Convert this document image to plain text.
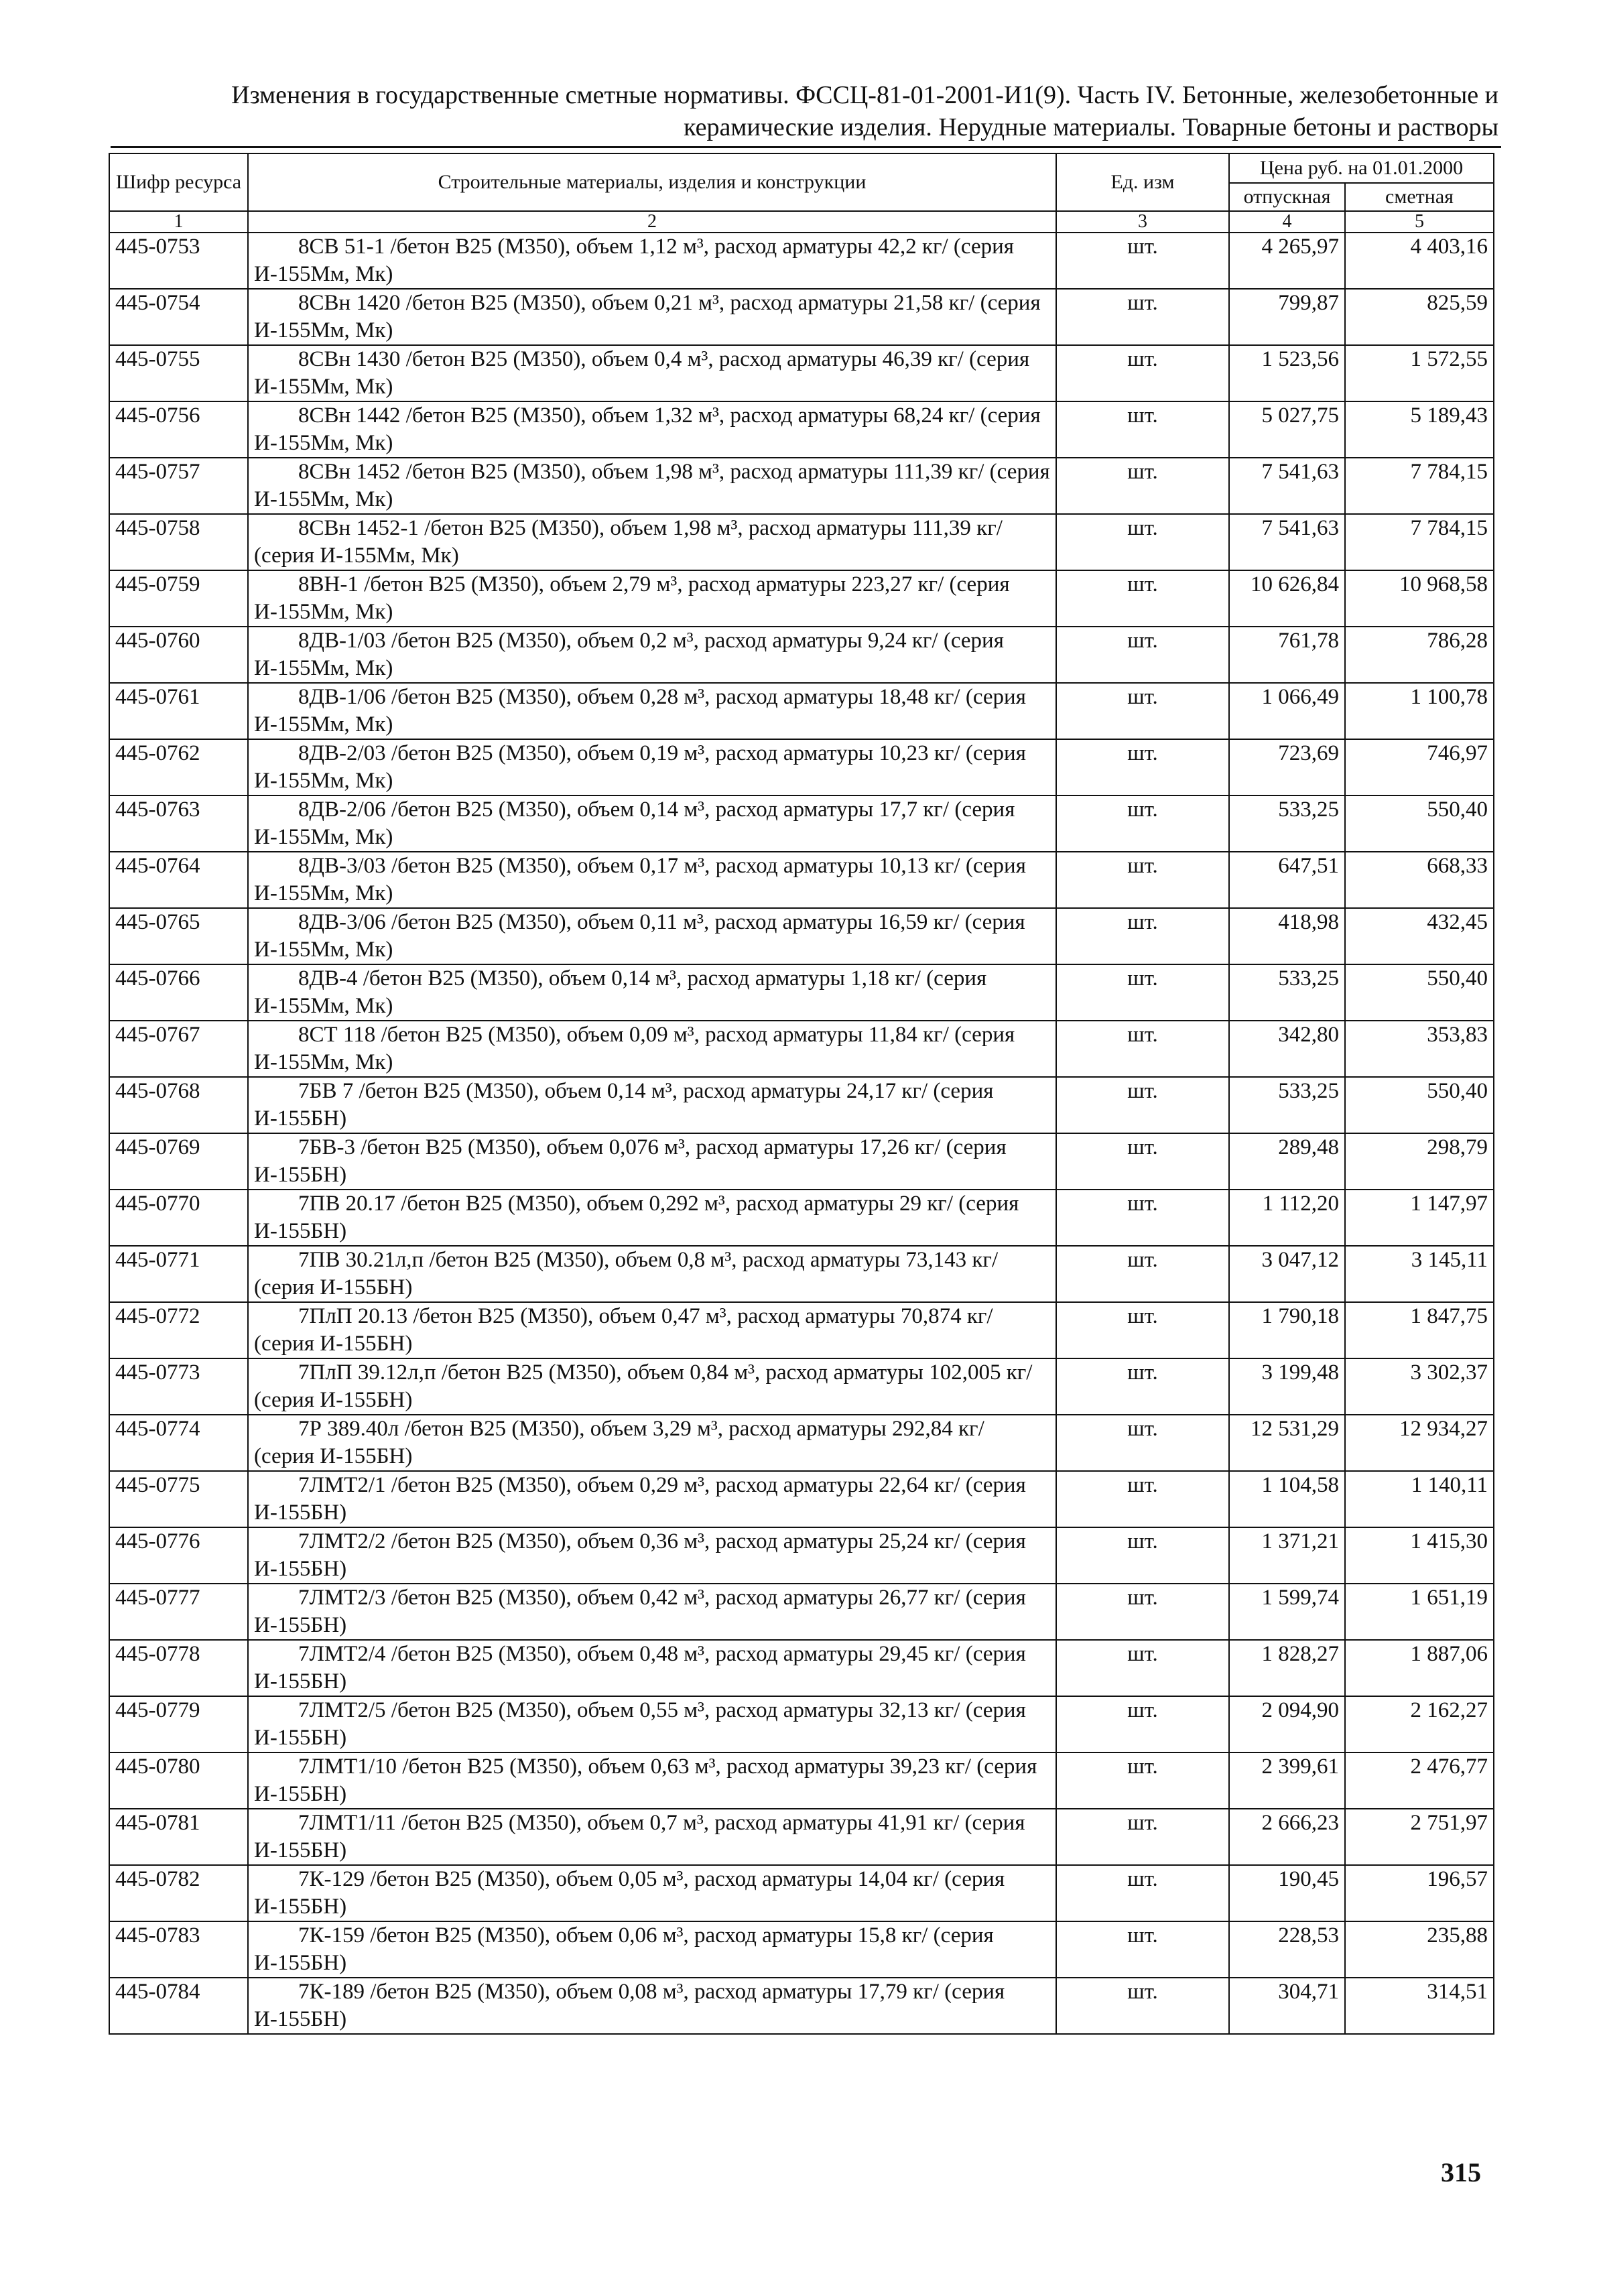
Изменения в государственные сметные нормативы. ФССЦ-81-01-2001-И1(9). Часть IV. Бетонные, железобетонные и
керамические изделия. Нерудные материалы. Товарные бетоны и растворы
Шифр ресурса	Строительные материалы, изделия и конструкции	Ед. изм	Цена руб. на 01.01.2000	
			отпускная	сметная
1	2	3	4	5
445-0753	8СВ 51-1 /бетон В25 (М350), объем 1,12 м³, расход арматуры 42,2 кг/ (серия И-155Мм, Мк)	шт.	4 265,97	4 403,16
445-0754	8СВн 1420 /бетон В25 (М350), объем 0,21 м³, расход арматуры 21,58 кг/ (серия И-155Мм, Мк)	шт.	799,87	825,59
445-0755	8СВн 1430 /бетон В25 (М350), объем 0,4 м³, расход арматуры 46,39 кг/ (серия И-155Мм, Мк)	шт.	1 523,56	1 572,55
445-0756	8СВн 1442 /бетон В25 (М350), объем 1,32 м³, расход арматуры 68,24 кг/ (серия И-155Мм, Мк)	шт.	5 027,75	5 189,43
445-0757	8СВн 1452 /бетон В25 (М350), объем 1,98 м³, расход арматуры 111,39 кг/ (серия И-155Мм, Мк)	шт.	7 541,63	7 784,15
445-0758	8СВн 1452-1 /бетон В25 (М350), объем 1,98 м³, расход арматуры 111,39 кг/ (серия И-155Мм, Мк)	шт.	7 541,63	7 784,15
445-0759	8ВН-1 /бетон В25 (М350), объем 2,79 м³, расход арматуры 223,27 кг/ (серия И-155Мм, Мк)	шт.	10 626,84	10 968,58
445-0760	8ДВ-1/03 /бетон В25 (М350), объем 0,2 м³, расход арматуры 9,24 кг/ (серия И-155Мм, Мк)	шт.	761,78	786,28
445-0761	8ДВ-1/06 /бетон В25 (М350), объем 0,28 м³, расход арматуры 18,48 кг/ (серия И-155Мм, Мк)	шт.	1 066,49	1 100,78
445-0762	8ДВ-2/03 /бетон В25 (М350), объем 0,19 м³, расход арматуры 10,23 кг/ (серия И-155Мм, Мк)	шт.	723,69	746,97
445-0763	8ДВ-2/06 /бетон В25 (М350), объем 0,14 м³, расход арматуры 17,7 кг/ (серия И-155Мм, Мк)	шт.	533,25	550,40
445-0764	8ДВ-3/03 /бетон В25 (М350), объем 0,17 м³, расход арматуры 10,13 кг/ (серия И-155Мм, Мк)	шт.	647,51	668,33
445-0765	8ДВ-3/06 /бетон В25 (М350), объем 0,11 м³, расход арматуры 16,59 кг/ (серия И-155Мм, Мк)	шт.	418,98	432,45
445-0766	8ДВ-4 /бетон В25 (М350), объем 0,14 м³, расход арматуры 1,18 кг/ (серия И-155Мм, Мк)	шт.	533,25	550,40
445-0767	8СТ 118 /бетон В25 (М350), объем 0,09 м³, расход арматуры 11,84 кг/ (серия И-155Мм, Мк)	шт.	342,80	353,83
445-0768	7БВ 7 /бетон В25 (М350), объем 0,14 м³, расход арматуры 24,17 кг/ (серия И-155БН)	шт.	533,25	550,40
445-0769	7БВ-3 /бетон В25 (М350), объем 0,076 м³, расход арматуры 17,26 кг/ (серия И-155БН)	шт.	289,48	298,79
445-0770	7ПВ 20.17 /бетон В25 (М350), объем 0,292 м³, расход арматуры 29 кг/ (серия И-155БН)	шт.	1 112,20	1 147,97
445-0771	7ПВ 30.21л,п /бетон В25 (М350), объем 0,8 м³, расход арматуры 73,143 кг/ (серия И-155БН)	шт.	3 047,12	3 145,11
445-0772	7ПлП 20.13 /бетон В25 (М350), объем 0,47 м³, расход арматуры 70,874 кг/ (серия И-155БН)	шт.	1 790,18	1 847,75
445-0773	7ПлП 39.12л,п /бетон В25 (М350), объем 0,84 м³, расход арматуры 102,005 кг/ (серия И-155БН)	шт.	3 199,48	3 302,37
445-0774	7Р 389.40л /бетон В25 (М350), объем 3,29 м³, расход арматуры 292,84 кг/ (серия И-155БН)	шт.	12 531,29	12 934,27
445-0775	7ЛМТ2/1 /бетон В25 (М350), объем 0,29 м³, расход арматуры 22,64 кг/ (серия И-155БН)	шт.	1 104,58	1 140,11
445-0776	7ЛМТ2/2 /бетон В25 (М350), объем 0,36 м³, расход арматуры 25,24 кг/ (серия И-155БН)	шт.	1 371,21	1 415,30
445-0777	7ЛМТ2/3 /бетон В25 (М350), объем 0,42 м³, расход арматуры 26,77 кг/ (серия И-155БН)	шт.	1 599,74	1 651,19
445-0778	7ЛМТ2/4 /бетон В25 (М350), объем 0,48 м³, расход арматуры 29,45 кг/ (серия И-155БН)	шт.	1 828,27	1 887,06
445-0779	7ЛМТ2/5 /бетон В25 (М350), объем 0,55 м³, расход арматуры 32,13 кг/ (серия И-155БН)	шт.	2 094,90	2 162,27
445-0780	7ЛМТ1/10 /бетон В25 (М350), объем 0,63 м³, расход арматуры 39,23 кг/ (серия И-155БН)	шт.	2 399,61	2 476,77
445-0781	7ЛМТ1/11 /бетон В25 (М350), объем 0,7 м³, расход арматуры 41,91 кг/ (серия И-155БН)	шт.	2 666,23	2 751,97
445-0782	7К-129 /бетон В25 (М350), объем 0,05 м³, расход арматуры 14,04 кг/ (серия И-155БН)	шт.	190,45	196,57
445-0783	7К-159 /бетон В25 (М350), объем 0,06 м³, расход арматуры 15,8 кг/ (серия И-155БН)	шт.	228,53	235,88
445-0784	7К-189 /бетон В25 (М350), объем 0,08 м³, расход арматуры 17,79 кг/ (серия И-155БН)	шт.	304,71	314,51
315
